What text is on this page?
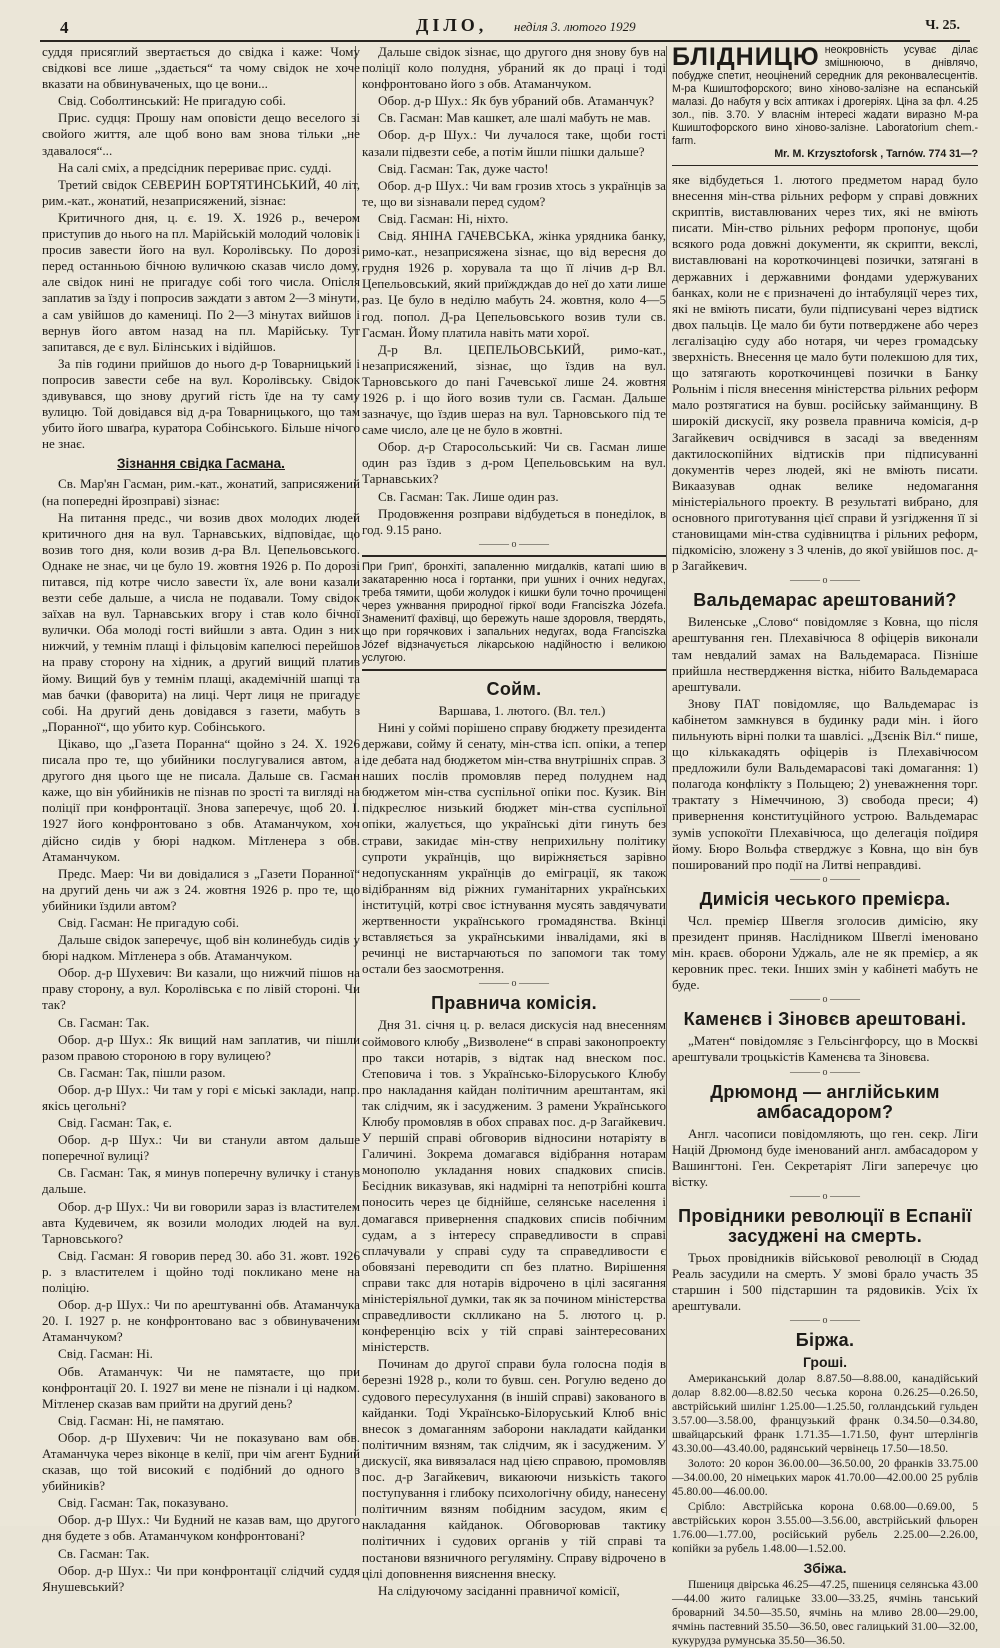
4	ДІЛО, неділя 3. лютого 1929	Ч. 25.

суддя присяглий звертається до свідка і каже: Чому свідкові все лише „здається“ та чому свідок не хоче вказати на обвинуваченых, що це вони...

Свід. Соболтинський: Не пригадую собі.

Прис. судця: Прошу нам оповісти дещо веселого зі свойого життя, але щоб воно вам знова тільки „не здавалося“...

На салі сміх, а предсідник перериває прис. судді.

Третий свідок СЕВЕРИН БОРТЯТИНСЬКИЙ, 40 літ, рим.-кат., жонатий, незаприсяжений, зізнає:

Критичного дня, ц. є. 19. X. 1926 р., вечером приступив до нього на пл. Марійській молодий чоловік і просив завести його на вул. Королівську. По дорозі перед останньою бічною вуличкою сказав число дому, але свідок нині не пригадує собі того числа. Опісля заплатив за їзду і попросив заждати з автом 2—3 мінути, а сам увійшов до камениці. По 2—3 мінутах вийшов і вернув його автом назад на пл. Марійську. Тут запитався, де є вул. Білінських і відійшов.

За пів години прийшов до нього д-р Товарницький і попросив завести себе на вул. Королівську. Свідок здивувався, що знову другий гість їде на ту саму вулицю. Той довідався від д-ра Товарницького, що там убито його шваґра, куратора Собінського. Більше нічого не знає.

Зізнання свідка Гасмана.

Св. Мар'ян Гасман, рим.-кат., жонатий, заприсяжений (на попередні йрозправі) зізнає:

На питання предс., чи возив двох молодих людей критичного дня на вул. Тарнавських, відповідає, що возив того дня, коли возив д-ра Вл. Цепельовського. Однаке не знає, чи це було 19. жовтня 1926 р. По дорозі питався, під котре число завести їх, але вони казали везти себе дальше, а числа не подавали. Тому свідок заїхав на вул. Тарнавських вгору і став коло бічної вулички. Оба молоді гості вийшли з авта. Один з них нижчий, у темнім плащі і фільцовім капелюсі перейшов на праву сторону на хідник, а другий вищий платив йому. Вищий був у темнім плащі, академічній шапці та мав бачки (фаворита) на лиці. Черт лиця не пригадує собі. На другий день довідався з газети, мабуть з „Поранної“, що убито кур. Собінського.

Цікаво, що „Газета Поранна“ щойно з 24. X. 1926 писала про те, що убийники послугувалися автом, а другого дня цього ще не писала. Дальше св. Гасман каже, що він убийників не пізнав по зрості та вигляді на поліції при конфронтації. Знова заперечує, щоб 20. І. 1927 його конфронтовано з обв. Атаманчуком, хоч дійсно сидів у бюрі надком. Мітленера з обв. Атаманчуком.

Предс. Маер: Чи ви довідалися з „Газети Поранної“ на другий день чи аж з 24. жовтня 1926 р. про те, що убийники їздили автом?

Свід. Гасман: Не пригадую собі.

Дальше свідок заперечує, щоб він колинебудь сидів у бюрі надком. Мітленера з обв. Атаманчуком.

Обор. д-р Шухевич: Ви казали, що нижчий пішов на праву сторону, а вул. Королівська є по лівій стороні. Чи так?

Св. Гасман: Так.

Обор. д-р Шух.: Як вищий нам заплатив, чи пішли разом правою стороною в гору вулицею?

Св. Гасман: Так, пішли разом.

Обор. д-р Шух.: Чи там у горі є міські заклади, напр. якісь цегольні?

Свід. Гасман: Так, є.

Обор. д-р Шух.: Чи ви станули автом дальше поперечної вулиці?

Св. Гасман: Так, я минув поперечну вуличку і станув дальше.

Обор. д-р Шух.: Чи ви говорили зараз із властителем авта Кудевичем, як возили молодих людей на вул. Тарновського?

Свід. Гасман: Я говорив перед 30. або 31. жовт. 1926 р. з властителем і щойно тоді покликано мене на поліцію.

Обор. д-р Шух.: Чи по арештуванні обв. Атаманчука 20. І. 1927 р. не конфронтовано вас з обвинуваченим Атаманчуком?

Свід. Гасман: Ні.

Обв. Атаманчук: Чи не памятаєте, що при конфронтації 20. І. 1927 ви мене не пізнали і ці надком. Мітленер сказав вам прийти на другий день?

Свід. Гасман: Ні, не памятаю.

Обор. д-р Шухевич: Чи не показувано вам обв. Атаманчука через віконце в келії, при чім агент Будний сказав, що той високий є подібний до одного з убийників?

Свід. Гасман: Так, показувано.

Обор. д-р Шух.: Чи Будний не казав вам, що другого дня будете з обв. Атаманчуком конфронтовані?

Св. Гасман: Так.

Обор. д-р Шух.: Чи при конфронтації слідчий суддя Янушевський?

Дальше свідок зізнає, що другого дня знову був на поліції коло полудня, убраний як до праці і тоді конфронтовано його з обв. Атаманчуком.

Обор. д-р Шух.: Як був убраний обв. Атаманчук?

Св. Гасман: Мав кашкет, але шалі мабуть не мав.

Обор. д-р Шух.: Чи лучалося таке, щоби гості казали підвезти себе, а потім йшли пішки дальше?

Свід. Гасман: Так, дуже часто!

Обор. д-р Шух.: Чи вам грозив хтось з українців за те, що ви зізнавали перед судом?

Свід. Гасман: Ні, ніхто.

Свід. ЯНІНА ГАЧЕВСЬКА, жінка урядника банку, римо-кат., незаприсяжена зізнає, що від вересня до грудня 1926 р. хорувала та що її лічив д-р Вл. Цепельовський, який приїждждав до неї до хати лише раз. Це було в неділю мабуть 24. жовтня, коло 4—5 год. попол. Д-ра Цепельовського возив тули св. Гасман. Йому платила навіть мати хорої.

Д-р Вл. ЦЕПЕЛЬОВСЬКИЙ, римо-кат., незаприсяжений, зізнає, що їздив на вул. Тарновського до пані Гачевської лише 24. жовтня 1926 р. і що його возив тули св. Гасман. Дальше зазначує, що їздив шераз на вул. Тарновського під те саме число, але це не було в жовтні.

Обор. д-р Старосольський: Чи св. Гасман лише один раз їздив з д-ром Цепельовським на вул. Тарнавських?

Св. Гасман: Так. Лише один раз.

Продовження розправи відбудеться в понеділок, в год. 9.15 рано.

——— o ———
При Грип', бронхіті, запаленню мигдалків, катапі шию в закатаренню носа і гортанки, при ушних і очних недугах, треба тямити, щоби жолудок і кишки були точно прочищені через ужнвання природної гіркої води Franciszka Józefa. Знаменитї фахівці, що бережуть наше здоровля, твердять, що при горячкових і запальних недугах, вода Franciszka Józef відзначується лікарською надійностю і великою услугою.
Сойм.

Варшава, 1. лютого. (Вл. тел.)

Нині у соймі порішено справу бюджету президента держави, сойму й сенату, мін-ства ісп. опіки, а тепер іде дебата над бюджетом мін-ства внутрішніх справ. З наших послів промовляв перед полуднем над бюджетом мін-ства суспільної опіки пос. Кузик. Він підкреслює низький бюджет мін-ства суспільної опіки, жалується, що українські діти гинуть без страви, закидає мін-ству неприхильну політику супроти українців, що виріжняється зарівно недопусканням українців до еміграції, як також відібранням від ріжних гуманітарних українських інституцій, котрі своє істнування мусять завдячувати жертвенности українського громадянства. Вкінці вставляється за українськими інвалідами, які в речинці не вистарчаються по запомоги так тому остали без заосмотрення.

——— o ———
Правнича комісія.

Дня 31. січня ц. р. велася дискусія над внесенням соймового клюбу „Визволене“ в справі законопроекту про такси нотарів, з відтак над внеском пос. Степовича і тов. з Українсько-Білоруського Клюбу про накладання кайдан політичним арештантам, які так слідчим, як і засудженим. З рамени Українського Клюбу промовляв в обох справах пос. д-р Загайкевич. У першій справі обговорив відносини нотаріяту в Галичині. Зокрема домагався відібрання нотарам монополю укладання нових спадкових списів. Бесідник виказував, які надмірні та непотрібні кошта поносить через це біднійше, селянське населення і домагався привернення спадкових списів побічним судам, а з інтересу справедливости в справі сплачували у справі суду та справедливости є обовязані переводити сп без платно. Вирішення справи такс для нотарів відрочено в цілі засягання міністеріяльної думки, так як за почином міністерства справедливости склликано на 5. лютого ц. р. конференцію всіх у тій справі заінтересованих міністерств.

Починам до другої справи була голосна подія в березні 1928 р., коли то бувш. сен. Рогулю ведено до судового пересулухання (в іншій справі) закованого в кайданки. Тоді Українсько-Білоруський Клюб вніс внесок з домаганням заборони накладати кайданки політичним вязням, так слідчим, як і засудженим. У дискусії, яка вивязалася над цією справою, промовляв пос. д-р Загайкевич, викаюючи низькість такого поступування і глибоку психологічну обиду, нанесену політичним вязням побідним засудом, яким є накладання кайданок. Обговорював тактику політичних і судових органів у тій справі та постанови вязничного регуляміну. Справу відрочено в цілі доповнення вияснення внеску.

На слідуючому засіданні правничої комісії,

БЛІДНИЦЮ неокровність усуває ділає змішнюючо, в днівлячо, побудже спетит, неоцінений середник для реконвалесцентів. М-ра Кшиштофорского; вино хіново-залізне на еспанській малазі. До набутя у всіх аптиках і дрогеріях. Ціна за фл. 4.25 зол., пів. 3.70. У власнім інтересі жадати виразно М-ра Кшиштофорского вино хіново-залізне. Laboratorium chem.-farm.
Mr. M. Krzysztoforsk , Tarnów. 774 31—?

яке відбудеться 1. лютого предметом нарад було внесення мін-ства рільних реформ у справі довжних скриптів, виставлюваних через тих, які не вміють писати. Мін-ство рільних реформ пропонує, щоби всякого рода довжні документи, як скрипти, векслі, виставлювані на короткочинцеві позички, затягані в державних і державними фондами удержуваних банках, коли не є призначені до інтабуляції через тих, які не вміють писати, були підписувані через відтиск двох пальців. Це мало би бути потверджене або через лєгалізацію суду або нотаря, чи через громадську зверхність. Внесення це мало бути полекшою для тих, що затягають короткочинцеві позички в Банку Рольнім і після внесення міністерства рільних реформ мало розтягатися на бувш. російську займанщину. В широкій дискусії, яку розвела правнича комісія, д-р Загайкевич освідчився в засаді за введенням дактилоскопійних відтисків при підписуванні документів через людей, які не вміють писати. Викаазував однак велике недомагання міністеріального проекту. В результаті вибрано, для основного приготування цієї справи й узгідження її зі становищами мін-ства судівництва і рільних реформ, підкомісію, зложену з 3 членів, до якої увійшов пос. д-р Загайкевич.

——— o ———
Вальдемарас арештований?

Виленське „Слово“ повідомляє з Ковна, що після арештування ген. Плехавічюса 8 офіцерів виконали там невдалий замах на Вальдемараса. Пізніше прийшла нествердження вістка, нібито Вальдемараса арештували.

Знову ПАТ повідомляє, що Вальдемарас із кабінетом замкнувся в будинку ради мін. і його пильнують вірні полки та шавлісі. „Дзєнік Віл.“ пише, що кількакадять офіцерів із Плехавічюсом предложили були Вальдемарасові такі домагання: 1) полагода конфлікту з Польщею; 2) уневажнення торг. трактату з Німеччиною, 3) свобода преси; 4) привернення конституційного устрою. Вальдемарас зумів успокоїти Плехавічюса, що делегація поїдиря йому. Бюро Вольфа стверджує з Ковна, що він був поширований про події на Литві неправдиві.

——— o ———
Димісія чеського премієра.

Чсл. премієр Швегля зголосив димісію, яку президент приняв. Наслідником Швеглі іменовано мін. краєв. оборони Уджаль, але не як премієр, а як керовник прес. теки. Інших змін у кабінеті мабуть не буде.

——— o ———
Каменєв і Зіновєв арештовані.

„Матен“ повідомляє з Гельсінгфорсу, що в Москві арештували троцькістів Каменєва та Зіновєва.

——— o ———
Дрюмонд — англійським амбасадором?

Англ. часописи повідомляють, що ген. секр. Ліги Націй Дрюмонд буде іменований англ. амбасадором у Вашингтоні. Ген. Секретаріят Ліги заперечує цю вістку.

——— o ———
Провідники революції в Еспанії засуджені на смерть.

Трьох провідників військової революції в Сюдад Реаль засудили на смерть. У змові брало участь 35 старшин і 500 підстаршин та рядовиків. Усіх їх арештували.

——— o ———
Біржа.
Гроші.

Американський долар 8.87.50—8.88.00, канадійський долар 8.82.00—8.82.50 чеська корона 0.26.25—0.26.50, австрійський шилінг 1.25.00—1.25.50, голландський гульден 3.57.00—3.58.00, французький франк 0.34.50—0.34.80, швайцарський франк 1.71.35—1.71.50, фунт штерлінгів 43.30.00—43.40.00, радянський червінець 17.50—18.50.

Золото: 20 корон 36.00.00—36.50.00, 20 франків 33.75.00—34.00.00, 20 німецьких марок 41.70.00—42.00.00 25 рублів 45.80.00—46.00.00.

Срібло: Австрійська корона 0.68.00—0.69.00, 5 австрійських корон 3.55.00—3.56.00, австрійський фльорен 1.76.00—1.77.00, російський рубель 2.25.00—2.26.00, копійки за рубель 1.48.00—1.52.00.

Збіжа.

Пшениця двірська 46.25—47.25, пшениця селянська 43.00—44.00 жито галицьке 33.00—33.25, ячмінь танський броварний 34.50—35.50, ячмінь на мливо 28.00—29.00, ячмінь пастевний 35.50—36.50, овес галицький 31.00—32.00, кукурудза румунська 35.50—36.50.
